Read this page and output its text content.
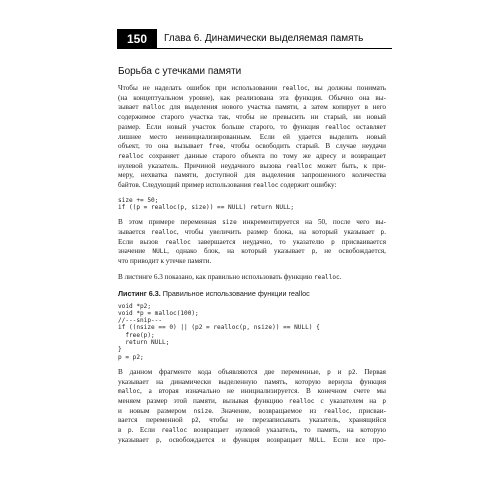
150	Глава 6. Динамически выделяемая память
Борьба с утечками памяти
Чтобы не наделать ошибок при использовании realloc, вы должны понимать
(на концептуальном уровне), как реализована эта функция. Обычно она вы-
зывает malloc для выделения нового участка памяти, а затем копирует в него
содержимое старого участка так, чтобы не превысить ни старый, ни новый
размер. Если новый участок больше старого, то функция realloc оставляет
лишнее место неинициализированным. Если ей удается выделить новый
объект, то она вызывает free, чтобы освободить старый. В случае неудачи
realloc сохраняет данные старого объекта по тому же адресу и возвращает
нулевой указатель. Причиной неудачного вызова realloc может быть, к при-
меру, нехватка памяти, доступной для выделения запрошенного количества
байтов. Следующий пример использования realloc содержит ошибку:
size += 50;
if ((p = realloc(p, size)) == NULL) return NULL;
В этом примере переменная size инкрементируется на 50, после чего вы-
зывается realloc, чтобы увеличить размер блока, на который указывает p.
Если вызов realloc завершается неудачно, то указателю p присваивается
значение NULL, однако блок, на который указывает p, не освобождается,
что приводит к утечке памяти.
В листинге 6.3 показано, как правильно использовать функцию realloc.
Листинг 6.3. Правильное использование функции realloc
void *p2;
void *p = malloc(100);
//---snip---
if ((nsize == 0) || (p2 = realloc(p, nsize)) == NULL) {
free(p);
return NULL;
}
p = p2;
В данном фрагменте кода объявляются две переменные, p и p2. Первая
указывает на динамически выделенную память, которую вернула функция
malloc, а вторая изначально не инициализируется. В конечном счете мы
меняем размер этой памяти, вызывая функцию realloc с указателем на p
и новым размером nsize. Значение, возвращаемое из realloc, присваи-
вается переменной p2, чтобы не перезаписывать указатель, хранящийся
в p. Если realloc возвращает нулевой указатель, то память, на которую
указывает p, освобождается и функция возвращает NULL. Если все про-
